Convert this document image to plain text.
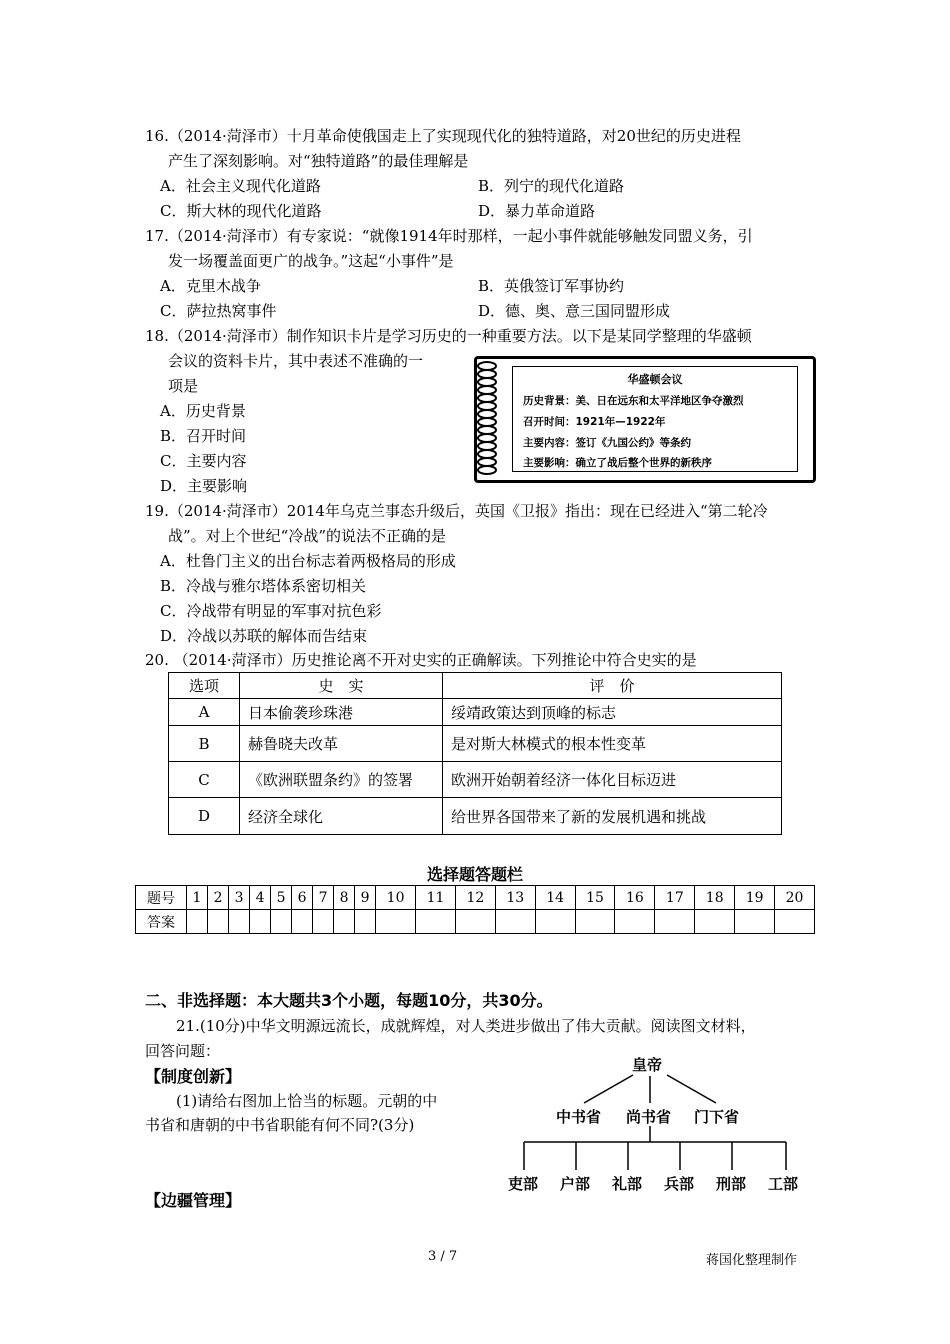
16.（2014·菏泽市）十月革命使俄国走上了实现现代化的独特道路，对20世纪的历史进程
产生了深刻影响。对“独特道路”的最佳理解是
A．社会主义现代化道路	B．列宁的现代化道路
C．斯大林的现代化道路	D．暴力革命道路
17.（2014·菏泽市）有专家说：“就像1914年时那样，一起小事件就能够触发同盟义务，引
发一场覆盖面更广的战争。”这起“小事件”是
A．克里木战争	B．英俄签订军事协约
C．萨拉热窝事件	D．德、奥、意三国同盟形成
18.（2014·菏泽市）制作知识卡片是学习历史的一种重要方法。以下是某同学整理的华盛顿
会议的资料卡片，其中表述不准确的一
项是
A．历史背景
B．召开时间
C．主要内容
D．主要影响
华盛顿会议
历史背景：美、日在远东和太平洋地区争夺激烈
召开时间：1921年—1922年
主要内容：签订《九国公约》等条约
主要影响：确立了战后整个世界的新秩序
19.（2014·菏泽市）2014年乌克兰事态升级后，英国《卫报》指出：现在已经进入“第二轮冷
战”。对上个世纪“冷战”的说法不正确的是
A．杜鲁门主义的出台标志着两极格局的形成
B．冷战与雅尔塔体系密切相关
C．冷战带有明显的军事对抗色彩
D．冷战以苏联的解体而告结束
20. （2014·菏泽市）历史推论离不开对史实的正确解读。下列推论中符合史实的是
选项	史　实	评　价
A	日本偷袭珍珠港	绥靖政策达到顶峰的标志
B	赫鲁晓夫改革	是对斯大林模式的根本性变革
C	《欧洲联盟条约》的签署	欧洲开始朝着经济一体化目标迈进
D	经济全球化	给世界各国带来了新的发展机遇和挑战
选择题答题栏
题号	1	2	3	4	5	6	7	8	9	10	11	12	13	14	15	16	17	18	19	20
答案																				
二、非选择题：本大题共3个小题，每题10分，共30分。
21.(10分)中华文明源远流长，成就辉煌，对人类进步做出了伟大贡献。阅读图文材料，
回答问题：
【制度创新】
(1)请给右图加上恰当的标题。元朝的中
书省和唐朝的中书省职能有何不同?(3分)
【边疆管理】
皇帝
中书省 尚书省 门下省
吏部 户部 礼部 兵部 刑部 工部
3 / 7	蒋国化整理制作
